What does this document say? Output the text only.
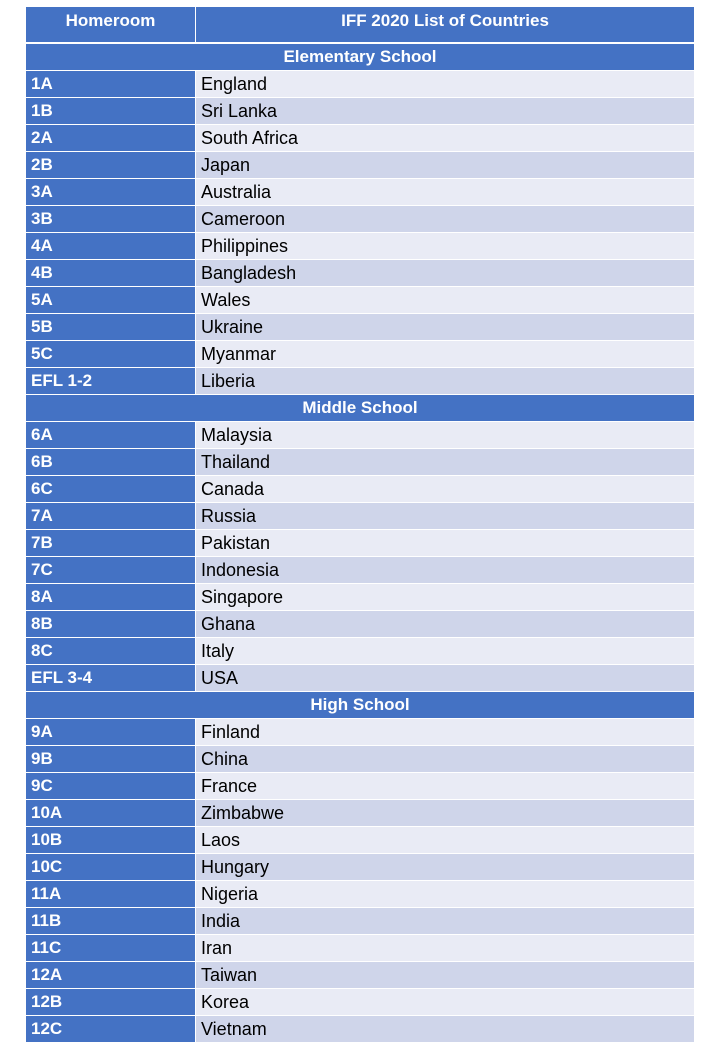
Homeroom	IFF 2020 List of Countries
Elementary School
1A	England
1B	Sri Lanka
2A	South Africa
2B	Japan
3A	Australia
3B	Cameroon
4A	Philippines
4B	Bangladesh
5A	Wales
5B	Ukraine
5C	Myanmar
EFL 1-2	Liberia
Middle School
6A	Malaysia
6B	Thailand
6C	Canada
7A	Russia
7B	Pakistan
7C	Indonesia
8A	Singapore
8B	Ghana
8C	Italy
EFL 3-4	USA
High School
9A	Finland
9B	China
9C	France
10A	Zimbabwe
10B	Laos
10C	Hungary
11A	Nigeria
11B	India
11C	Iran
12A	Taiwan
12B	Korea
12C	Vietnam
